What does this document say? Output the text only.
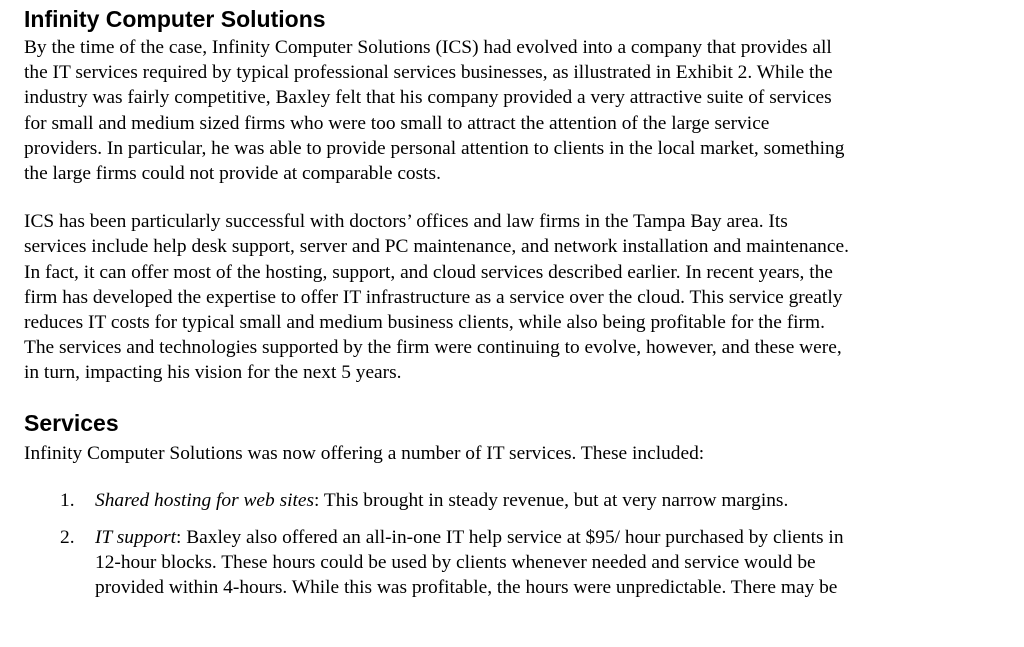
Infinity Computer Solutions

By the time of the case, Infinity Computer Solutions (ICS) had evolved into a company that provides all
the IT services required by typical professional services businesses, as illustrated in Exhibit 2. While the
industry was fairly competitive, Baxley felt that his company provided a very attractive suite of services
for small and medium sized firms who were too small to attract the attention of the large service
providers. In particular, he was able to provide personal attention to clients in the local market, something
the large firms could not provide at comparable costs.

ICS has been particularly successful with doctors’ offices and law firms in the Tampa Bay area. Its
services include help desk support, server and PC maintenance, and network installation and maintenance.
In fact, it can offer most of the hosting, support, and cloud services described earlier. In recent years, the
firm has developed the expertise to offer IT infrastructure as a service over the cloud. This service greatly
reduces IT costs for typical small and medium business clients, while also being profitable for the firm.
The services and technologies supported by the firm were continuing to evolve, however, and these were,
in turn, impacting his vision for the next 5 years.

Services

Infinity Computer Solutions was now offering a number of IT services. These included:

1. Shared hosting for web sites: This brought in steady revenue, but at very narrow margins.
2. IT support: Baxley also offered an all-in-one IT help service at $95/ hour purchased by clients in
12-hour blocks. These hours could be used by clients whenever needed and service would be
provided within 4-hours. While this was profitable, the hours were unpredictable. There may be
